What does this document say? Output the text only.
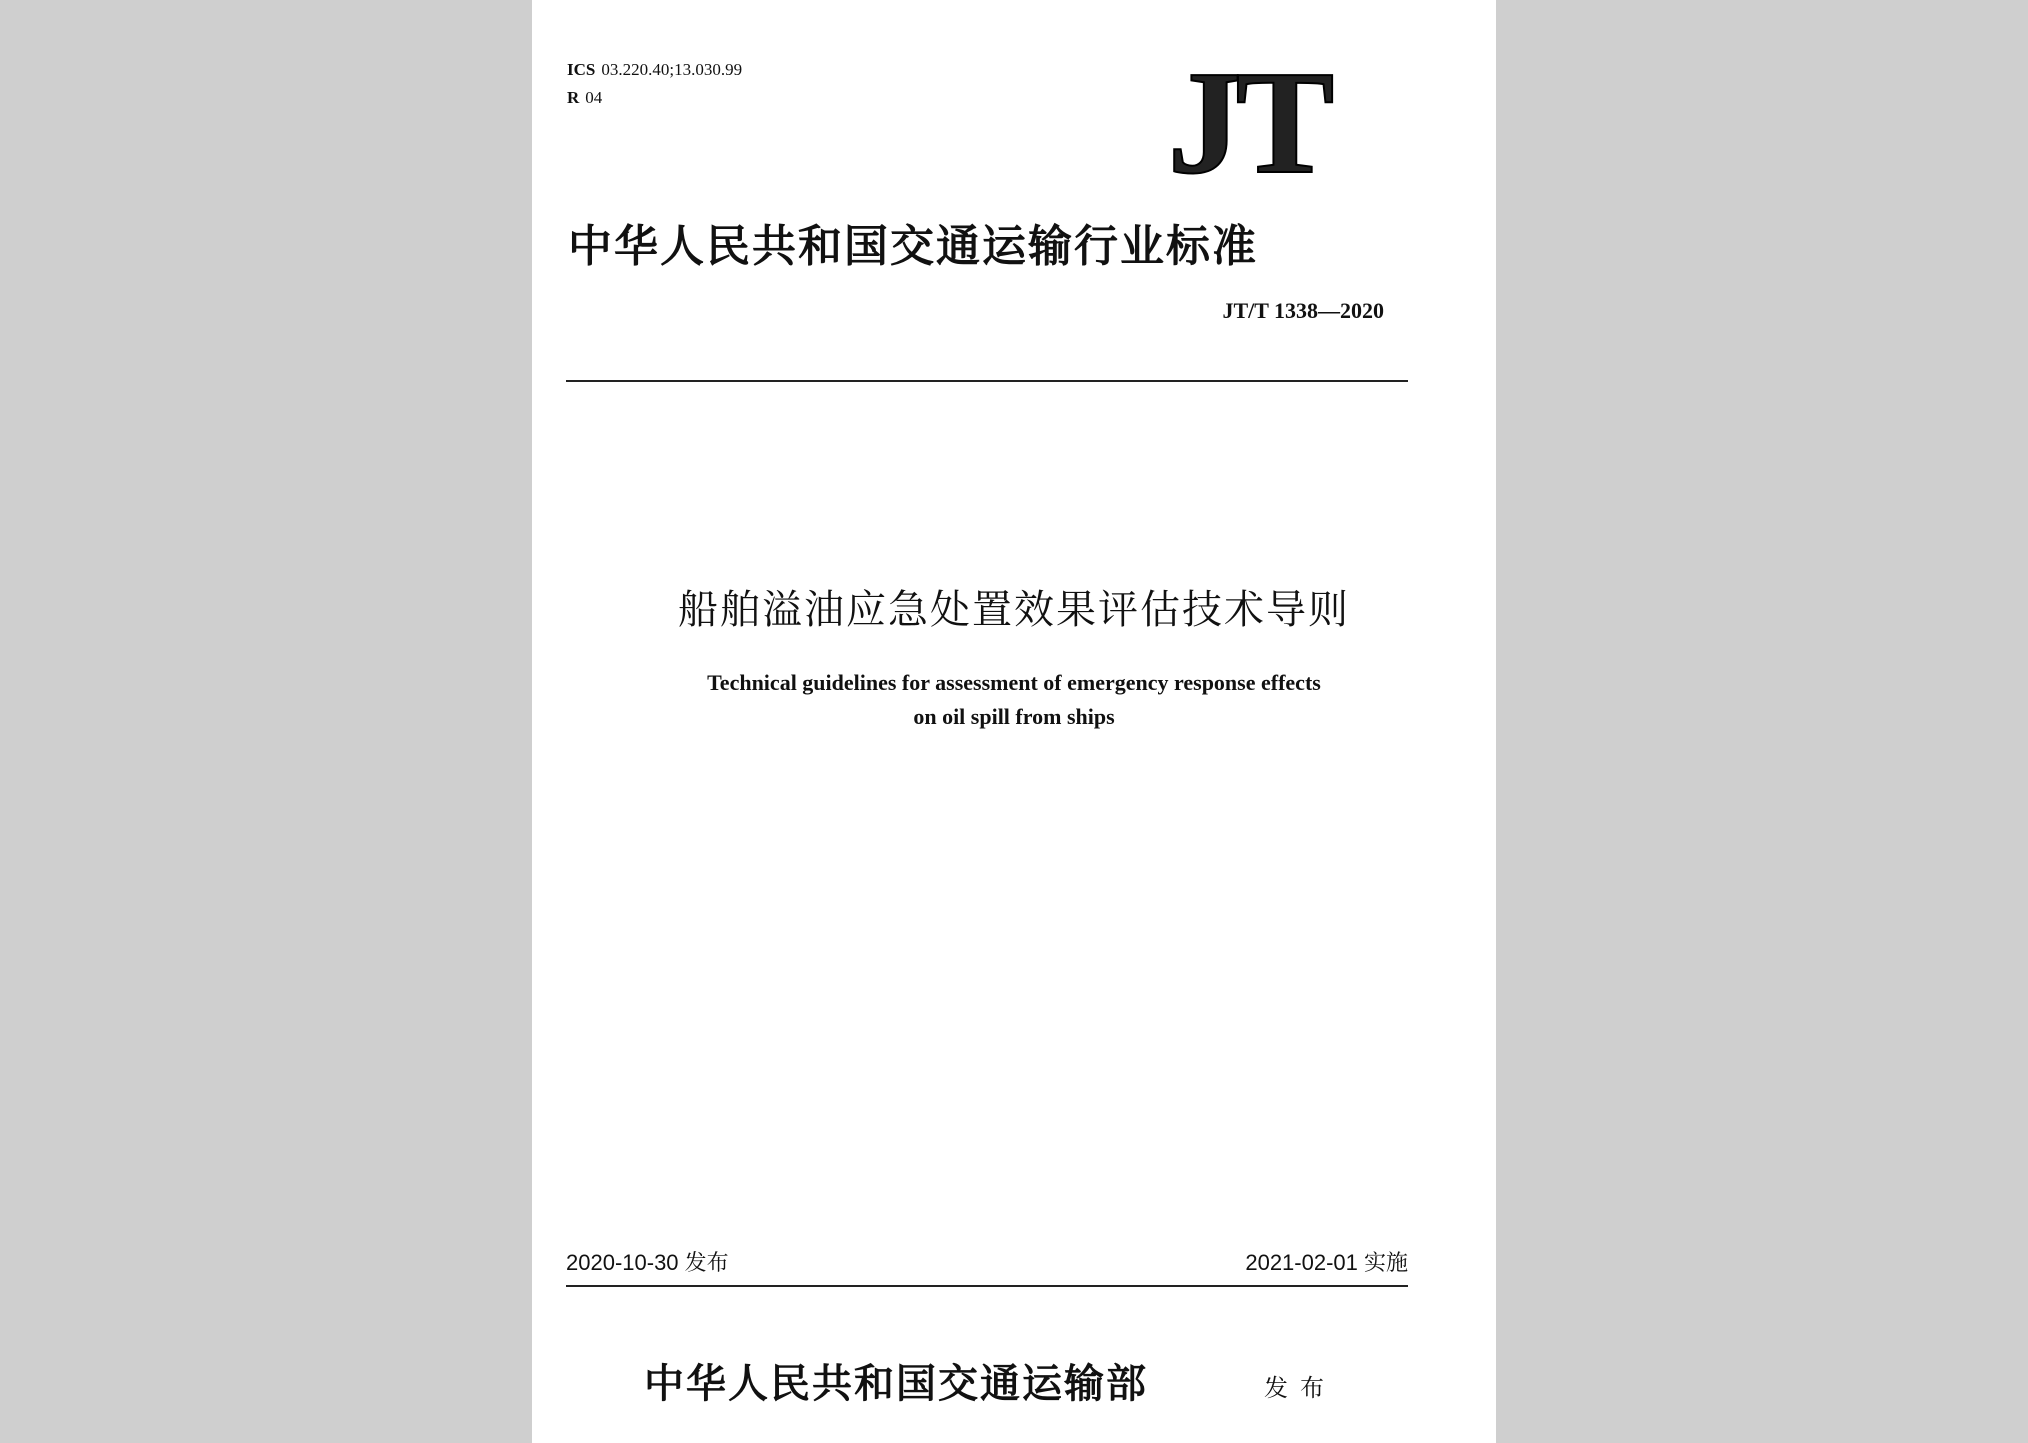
ICS 03.220.40;13.030.99
R 04	JT
中华人民共和国交通运输行业标准
JT/T 1338—2020
船舶溢油应急处置效果评估技术导则
Technical guidelines for assessment of emergency response effects
on oil spill from ships
2020-10-30 发布	2021-02-01 实施
中华人民共和国交通运输部	发布
